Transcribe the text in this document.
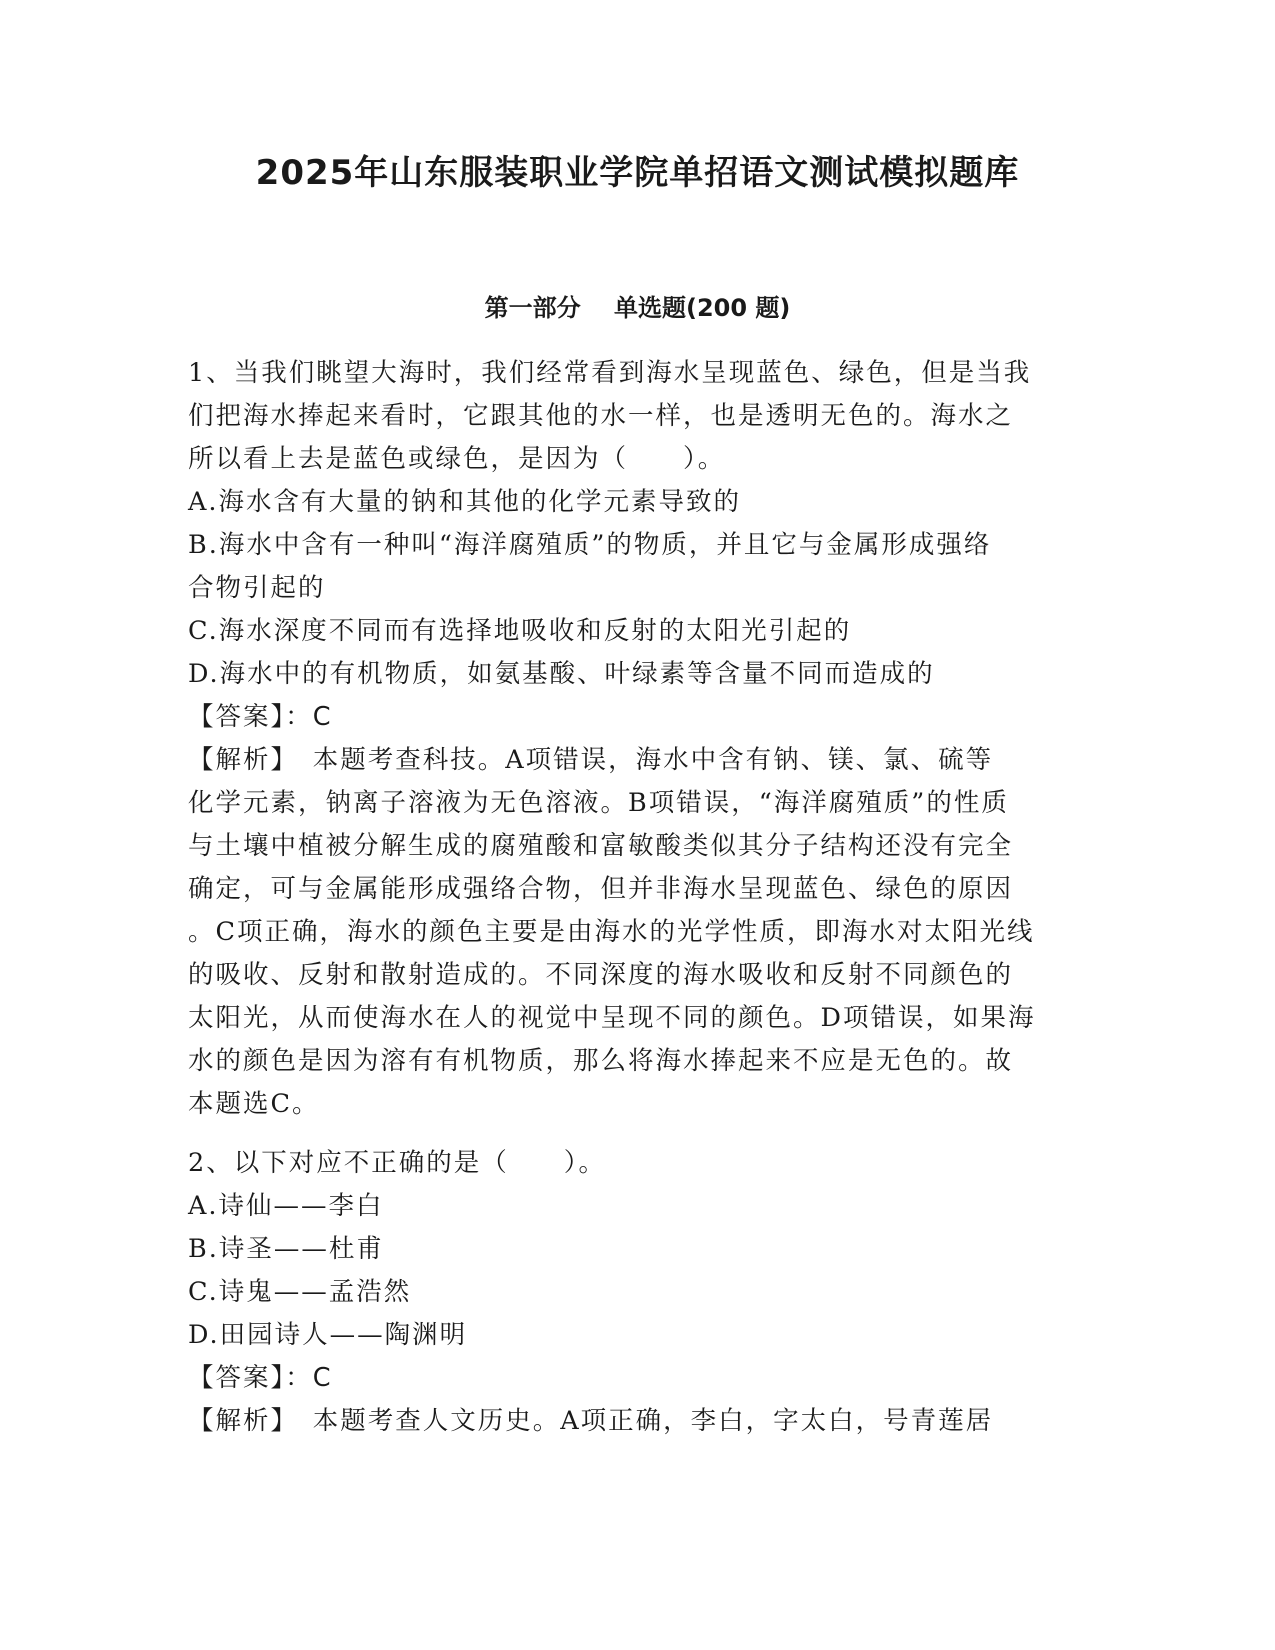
2025年山东服装职业学院单招语文测试模拟题库
第一部分    单选题(200 题)
1、当我们眺望大海时，我们经常看到海水呈现蓝色、绿色，但是当我
们把海水捧起来看时，它跟其他的水一样，也是透明无色的。海水之
所以看上去是蓝色或绿色，是因为（　　）。
A.海水含有大量的钠和其他的化学元素导致的
B.海水中含有一种叫“海洋腐殖质”的物质，并且它与金属形成强络
合物引起的
C.海水深度不同而有选择地吸收和反射的太阳光引起的
D.海水中的有机物质，如氨基酸、叶绿素等含量不同而造成的
【答案】：C
【解析】　本题考查科技。A项错误，海水中含有钠、镁、氯、硫等
化学元素，钠离子溶液为无色溶液。B项错误，“海洋腐殖质”的性质
与土壤中植被分解生成的腐殖酸和富敏酸类似其分子结构还没有完全
确定，可与金属能形成强络合物，但并非海水呈现蓝色、绿色的原因
。C项正确，海水的颜色主要是由海水的光学性质，即海水对太阳光线
的吸收、反射和散射造成的。不同深度的海水吸收和反射不同颜色的
太阳光，从而使海水在人的视觉中呈现不同的颜色。D项错误，如果海
水的颜色是因为溶有有机物质，那么将海水捧起来不应是无色的。故
本题选C。
2、以下对应不正确的是（　　）。
A.诗仙——李白
B.诗圣——杜甫
C.诗鬼——孟浩然
D.田园诗人——陶渊明
【答案】：C
【解析】　本题考查人文历史。A项正确，李白，字太白，号青莲居
